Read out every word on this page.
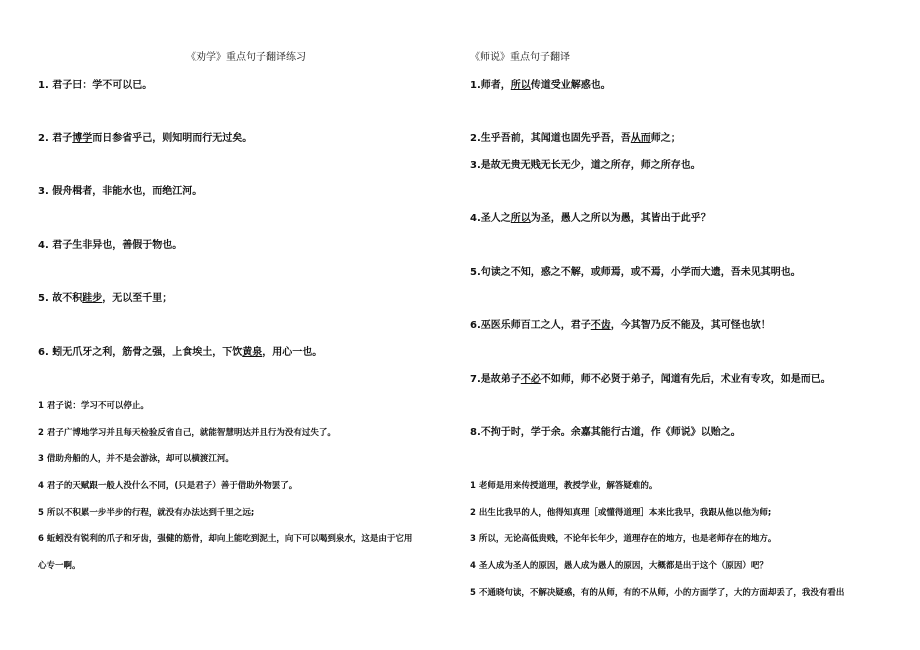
《劝学》重点句子翻译练习
1. 君子曰：学不可以已。
2. 君子博学而日参省乎己，则知明而行无过矣。
3. 假舟楫者，非能水也，而绝江河。
4. 君子生非异也，善假于物也。
5. 故不积跬步，无以至千里；
6. 蚓无爪牙之利，筋骨之强，上食埃土，下饮黄泉，用心一也。
1 君子说：学习不可以停止。
2 君子广博地学习并且每天检验反省自己，就能智慧明达并且行为没有过失了。
3 借助舟船的人，并不是会游泳，却可以横渡江河。
4 君子的天赋跟一般人没什么不同，(只是君子）善于借助外物罢了。
5 所以不积累一步半步的行程，就没有办法达到千里之远;
6 蚯蚓没有锐利的爪子和牙齿，强健的筋骨，却向上能吃到泥土，向下可以喝到泉水，这是由于它用
心专一啊。
《师说》重点句子翻译
1.师者，所以传道受业解惑也。
2.生乎吾前，其闻道也固先乎吾，吾从而师之；
3.是故无贵无贱无长无少，道之所存，师之所存也。
4.圣人之所以为圣，愚人之所以为愚，其皆出于此乎？
5.句读之不知，惑之不解，或师焉，或不焉，小学而大遗，吾未见其明也。
6.巫医乐师百工之人，君子不齿，今其智乃反不能及，其可怪也欤！
7.是故弟子不必不如师，师不必贤于弟子，闻道有先后，术业有专攻，如是而已。
8.不拘于时，学于余。余嘉其能行古道，作《师说》以贻之。
1 老师是用来传授道理，教授学业，解答疑难的。
2 出生比我早的人，他得知真理［或懂得道理］本来比我早，我跟从他以他为师;
3 所以，无论高低贵贱，不论年长年少，道理存在的地方，也是老师存在的地方。
4 圣人成为圣人的原因，愚人成为愚人的原因，大概都是出于这个（原因）吧？
5 不通晓句读，不解决疑惑，有的从师，有的不从师，小的方面学了，大的方面却丢了，我没有看出
